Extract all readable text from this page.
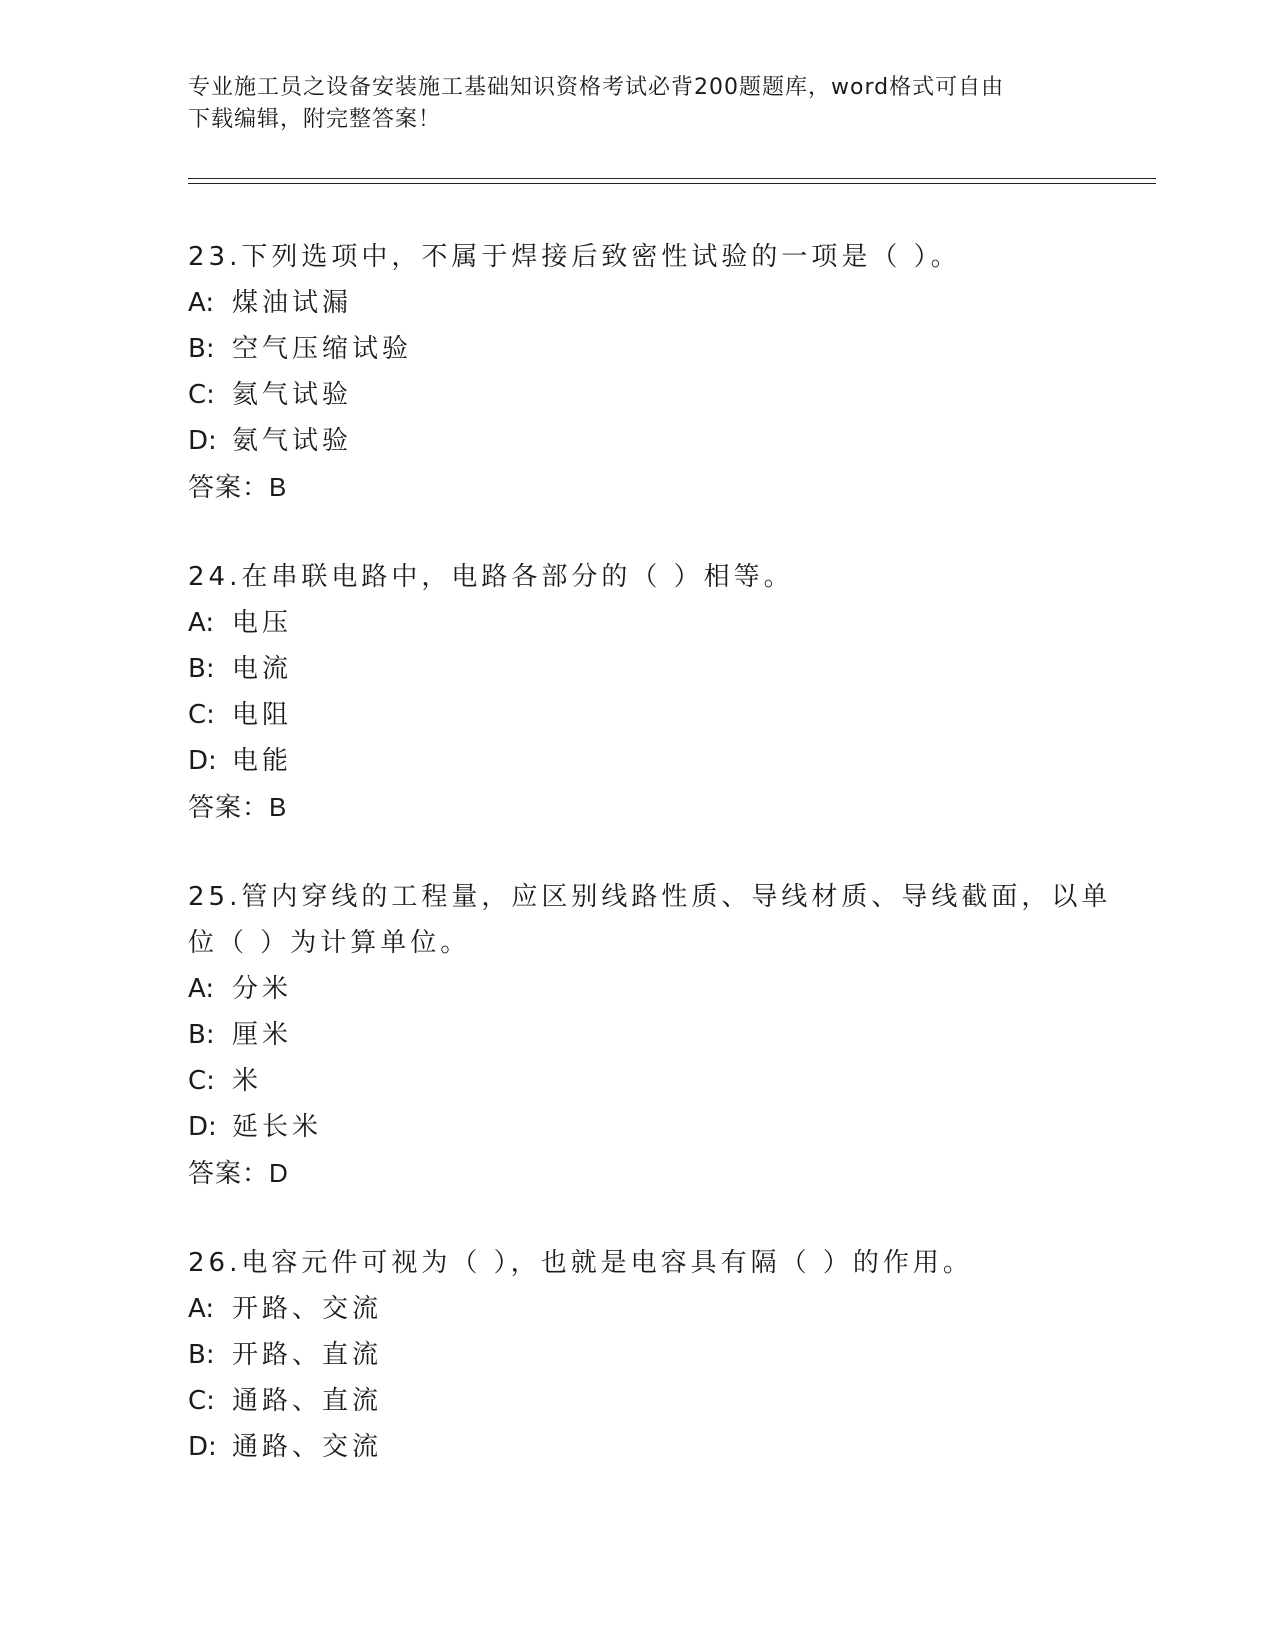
专业施工员之设备安装施工基础知识资格考试必背200题题库，word格式可自由
下载编辑，附完整答案！
23.下列选项中，不属于焊接后致密性试验的一项是（ ）。
A: 煤油试漏
B: 空气压缩试验
C: 氦气试验
D: 氨气试验
答案：B
24.在串联电路中，电路各部分的（ ）相等。
A: 电压
B: 电流
C: 电阻
D: 电能
答案：B
25.管内穿线的工程量，应区别线路性质、导线材质、导线截面，以单
位（ ）为计算单位。
A: 分米
B: 厘米
C: 米
D: 延长米
答案：D
26.电容元件可视为（ ），也就是电容具有隔（ ）的作用。
A: 开路、交流
B: 开路、直流
C: 通路、直流
D: 通路、交流
